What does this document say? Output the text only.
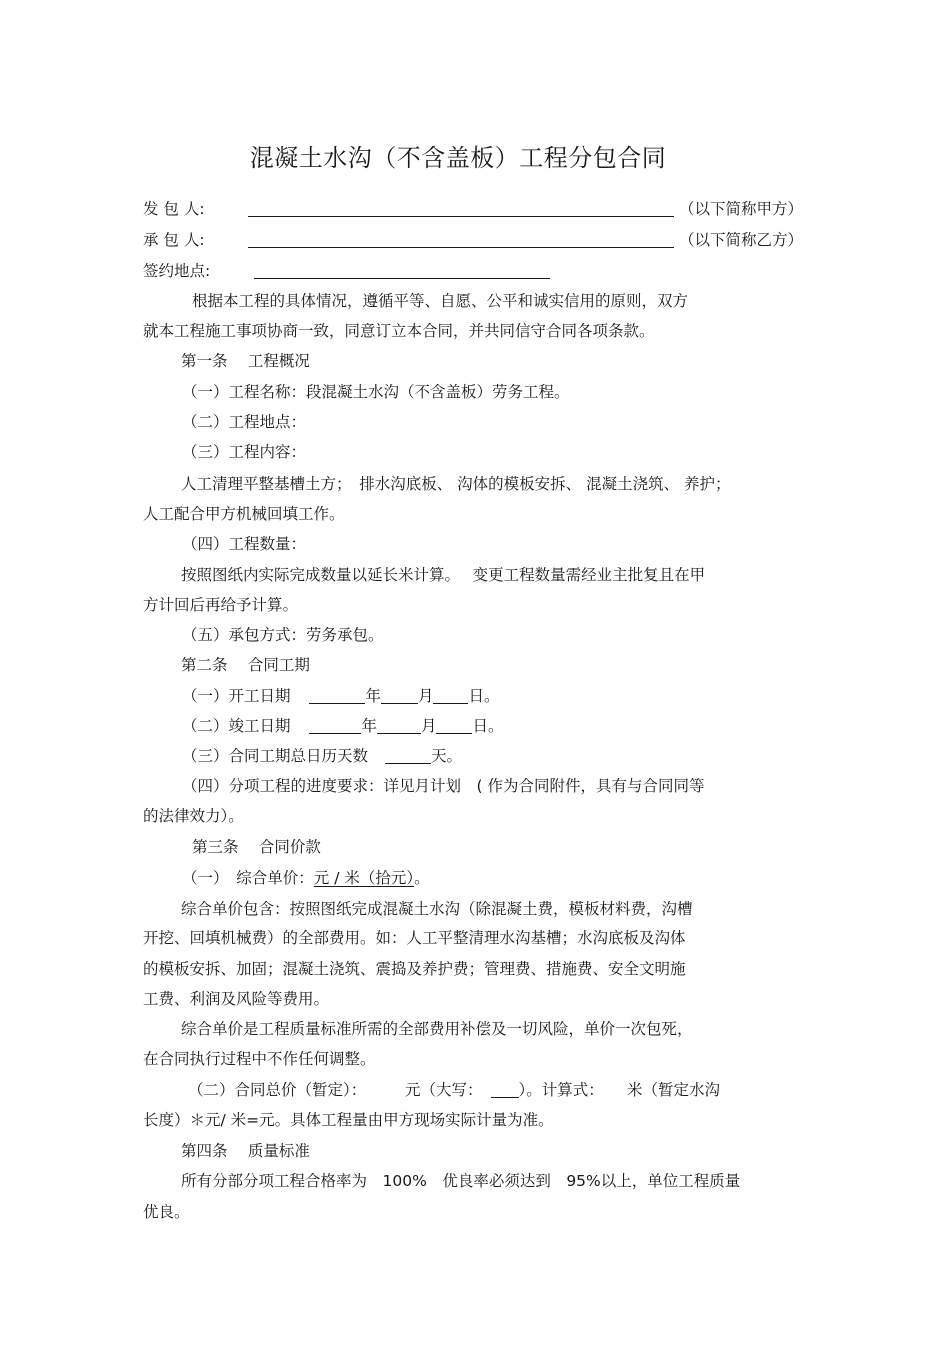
混凝土水沟（不含盖板）工程分包合同
发 包 人:	（以下简称甲方）
承 包 人:	（以下简称乙方）
签约地点:
根据本工程的具体情况，遵循平等、自愿、公平和诚实信用的原则，双方
就本工程施工事项协商一致，同意订立本合同，并共同信守合同各项条款。
第一条　 工程概况
（一）工程名称：段混凝土水沟（不含盖板）劳务工程。
（二）工程地点：
（三）工程内容：
人工清理平整基槽土方；　排水沟底板、 沟体的模板安拆、 混凝土浇筑、 养护；
人工配合甲方机械回填工作。
（四）工程数量：
按照图纸内实际完成数量以延长米计算。　 变更工程数量需经业主批复且在甲
方计回后再给予计算。
（五）承包方式：劳务承包。
第二条　 合同工期
（一）开工日期	年 月 日。
（二）竣工日期	年	月 日。
（三）合同工期总日历天数	天。
（四）分项工程的进度要求：详见月计划　( 作为合同附件，具有与合同同等
的法律效力）。
第三条　 合同价款
（一）　综合单价：元 / 米（拾元）。
综合单价包含：按照图纸完成混凝土水沟（除混凝土费，模板材料费，沟槽
开挖、回填机械费）的全部费用。如：人工平整清理水沟基槽；水沟底板及沟体
的模板安拆、加固；混凝土浇筑、震捣及养护费；管理费、措施费、安全文明施
工费、利润及风险等费用。
综合单价是工程质量标准所需的全部费用补偿及一切风险，单价一次包死，
在合同执行过程中不作任何调整。
（二）合同总价（暂定）：　　　元（大写： ）。计算式：　　米（暂定水沟
长度）＊元/ 米=元。具体工程量由甲方现场实际计量为准。
第四条　 质量标准
所有分部分项工程合格率为　100%　优良率必须达到　95%以上，单位工程质量
优良。
